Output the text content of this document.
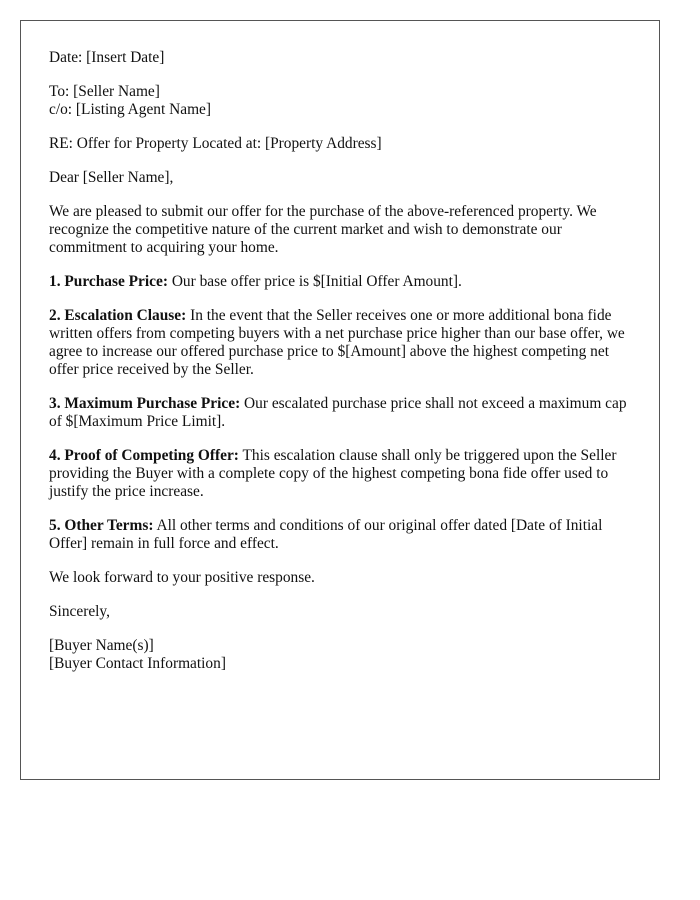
Date: [Insert Date]

To: [Seller Name]
c/o: [Listing Agent Name]

RE: Offer for Property Located at: [Property Address]

Dear [Seller Name],

We are pleased to submit our offer for the purchase of the above-referenced property. We recognize the competitive nature of the current market and wish to demonstrate our commitment to acquiring your home.

1. Purchase Price: Our base offer price is $[Initial Offer Amount].

2. Escalation Clause: In the event that the Seller receives one or more additional bona fide written offers from competing buyers with a net purchase price higher than our base offer, we agree to increase our offered purchase price to $[Amount] above the highest competing net offer price received by the Seller.

3. Maximum Purchase Price: Our escalated purchase price shall not exceed a maximum cap of $[Maximum Price Limit].

4. Proof of Competing Offer: This escalation clause shall only be triggered upon the Seller providing the Buyer with a complete copy of the highest competing bona fide offer used to justify the price increase.

5. Other Terms: All other terms and conditions of our original offer dated [Date of Initial Offer] remain in full force and effect.

We look forward to your positive response.

Sincerely,

[Buyer Name(s)]
[Buyer Contact Information]
